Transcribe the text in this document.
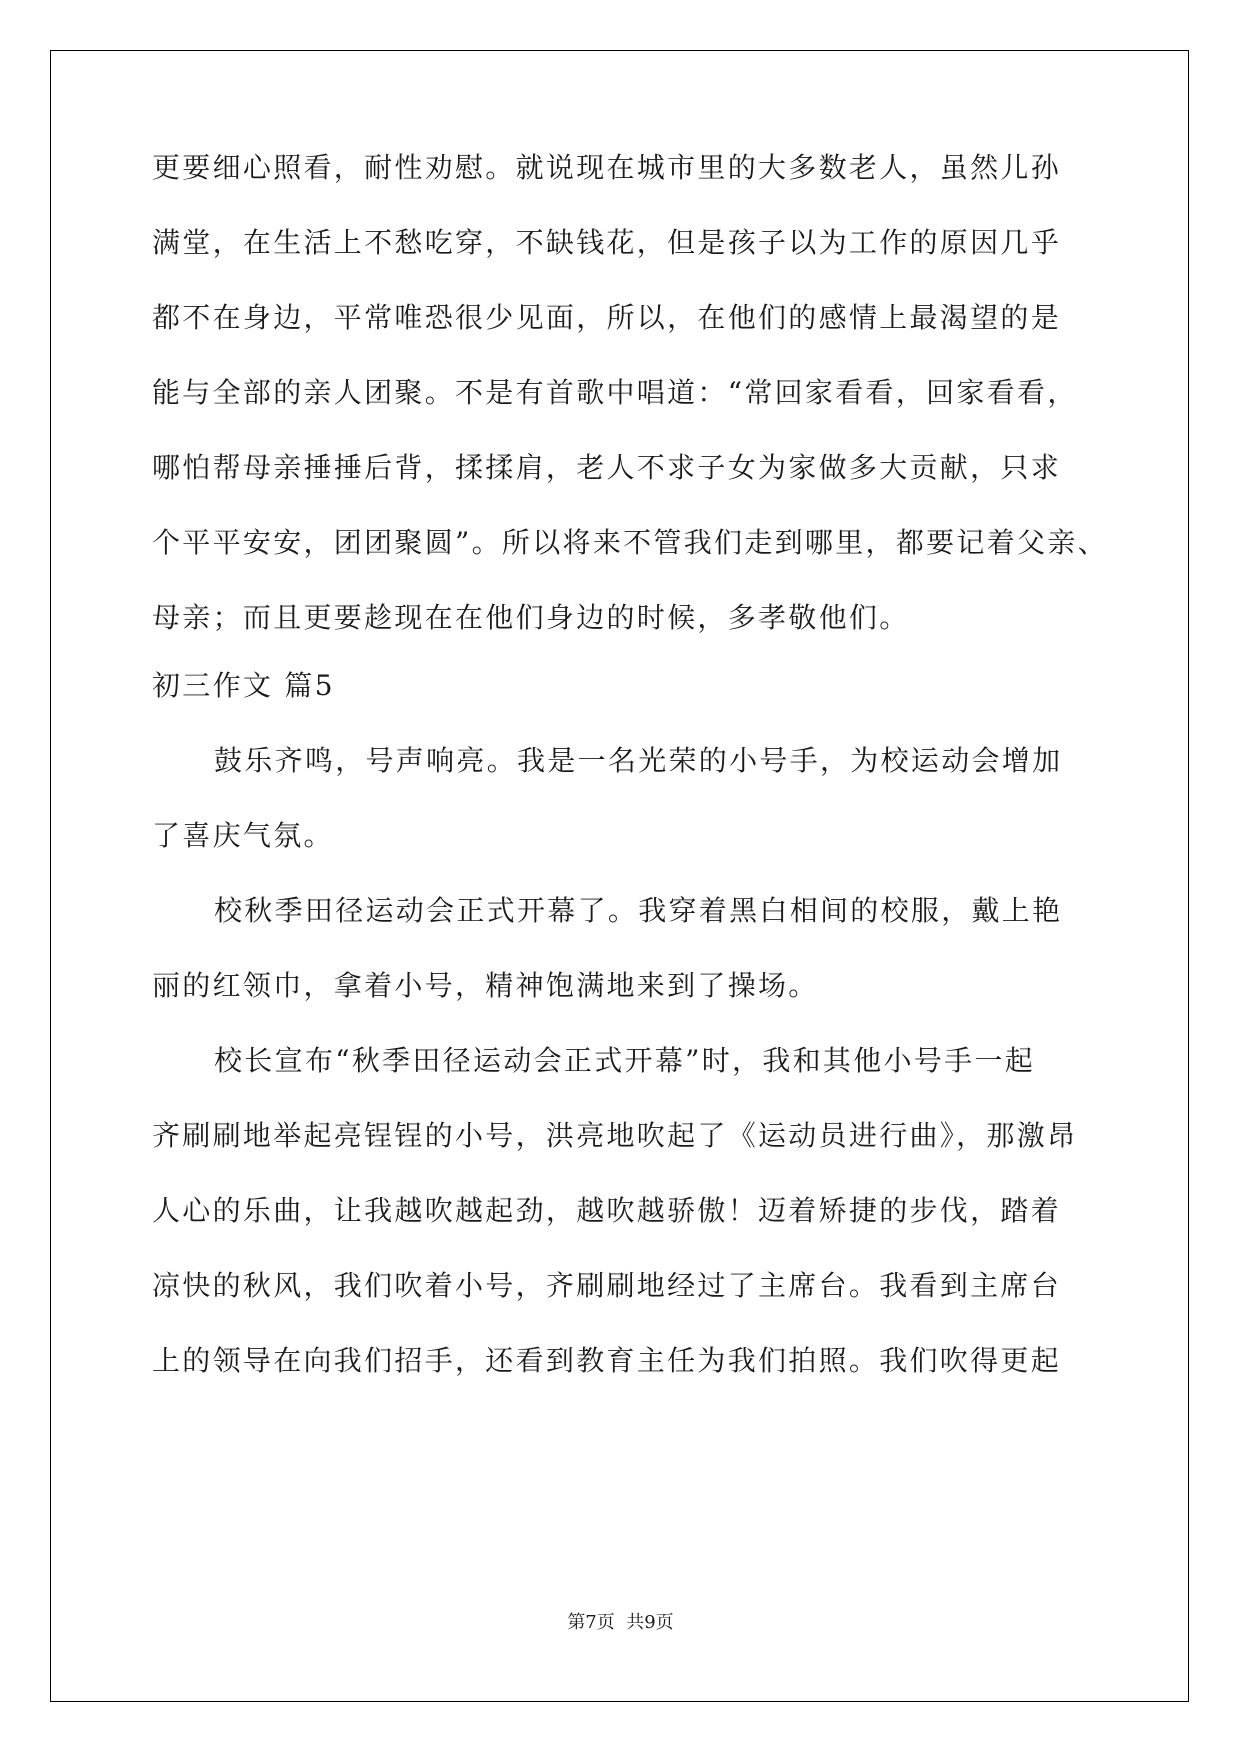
更要细心照看，耐性劝慰。就说现在城市里的大多数老人，虽然儿孙
满堂，在生活上不愁吃穿，不缺钱花，但是孩子以为工作的原因几乎
都不在身边，平常唯恐很少见面，所以，在他们的感情上最渴望的是
能与全部的亲人团聚。不是有首歌中唱道：“常回家看看，回家看看，
哪怕帮母亲捶捶后背，揉揉肩，老人不求子女为家做多大贡献，只求
个平平安安，团团聚圆”。所以将来不管我们走到哪里，都要记着父亲、
母亲；而且更要趁现在在他们身边的时候，多孝敬他们。
初三作文 篇5
鼓乐齐鸣，号声响亮。我是一名光荣的小号手，为校运动会增加
了喜庆气氛。
校秋季田径运动会正式开幕了。我穿着黑白相间的校服，戴上艳
丽的红领巾，拿着小号，精神饱满地来到了操场。
校长宣布“秋季田径运动会正式开幕”时，我和其他小号手一起
齐刷刷地举起亮锃锃的小号，洪亮地吹起了《运动员进行曲》，那激昂
人心的乐曲，让我越吹越起劲，越吹越骄傲！迈着矫捷的步伐，踏着
凉快的秋风，我们吹着小号，齐刷刷地经过了主席台。我看到主席台
上的领导在向我们招手，还看到教育主任为我们拍照。我们吹得更起
第7页  共9页
